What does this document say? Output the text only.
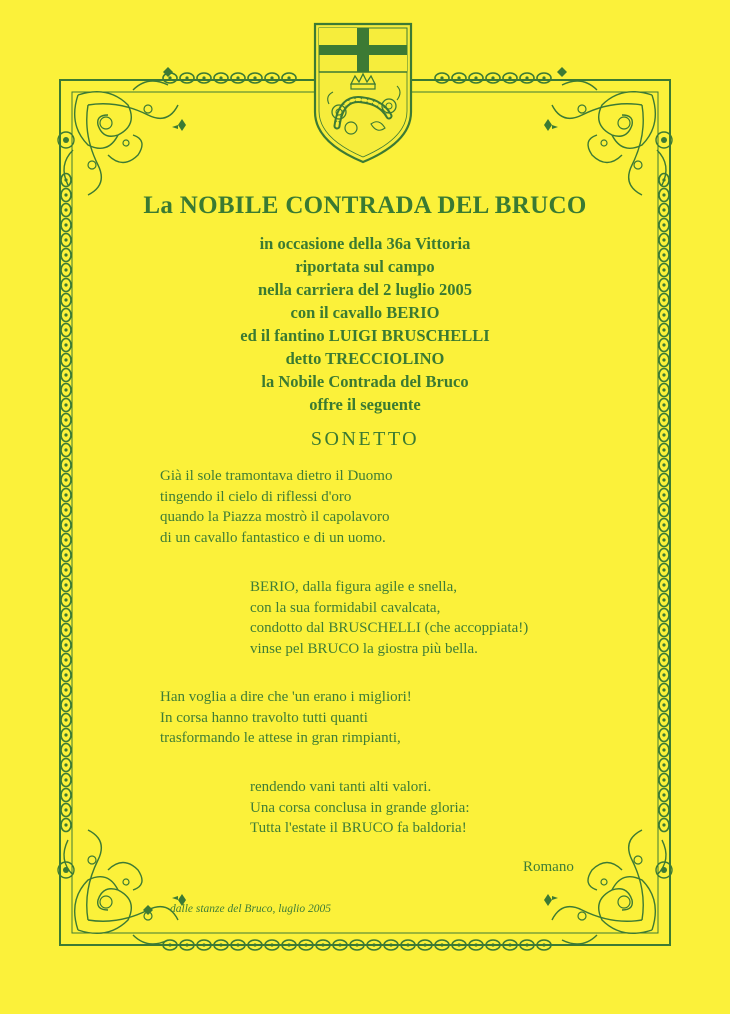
La NOBILE CONTRADA DEL BRUCO
in occasione della 36a Vittoria
riportata sul campo
nella carriera del 2 luglio 2005
con il cavallo BERIO
ed il fantino LUIGI BRUSCHELLI
detto TRECCIOLINO
la Nobile Contrada del Bruco
offre il seguente
SONETTO
Già il sole tramontava dietro il Duomo
tingendo il cielo di riflessi d'oro
quando la Piazza mostrò il capolavoro
di un cavallo fantastico e di un uomo.
BERIO, dalla figura agile e snella,
con la sua formidabil cavalcata,
condotto dal BRUSCHELLI (che accoppiata!)
vinse pel BRUCO la giostra più bella.
Han voglia a dire che 'un erano i migliori!
In corsa hanno travolto tutti quanti
trasformando le attese in gran rimpianti,
rendendo vani tanti alti valori.
Una corsa conclusa in grande gloria:
Tutta l'estate il BRUCO fa baldoria!
Romano
dalle stanze del Bruco, luglio 2005
